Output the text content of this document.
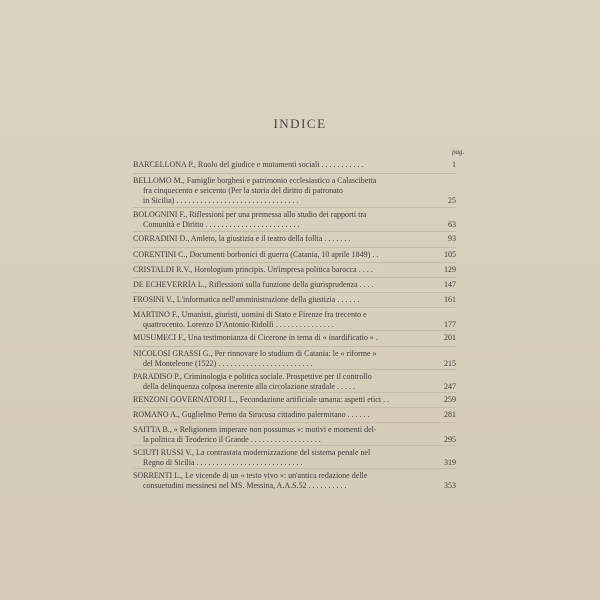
INDICE
pag.
BARCELLONA P., Ruolo del giudice e mutamenti sociali . . . . . . . . . . .	1
BELLOMO M., Famiglie borghesi e patrimonio ecclesiastico a Calascibetta
fra cinquecento e seicento (Per la storia del diritto di patronato
in Sicilia) . . . . . . . . . . . . . . . . . . . . . . . . . . . . . . .	25
BOLOGNINI F., Riflessioni per una premessa allo studio dei rapporti tra
Comunità e Diritto . . . . . . . . . . . . . . . . . . . . . . . .	63
CORRADINI D., Amleto, la giustizia e il teatro della follia . . . . . . .	93
CORENTINI C., Documenti borbonici di guerra (Catania, 10 aprile 1849) . .	105
CRISTALDI R.V., Horologium principis. Un'impresa politica barocca . . . .	129
DE ECHEVERRÍA L., Riflessioni sulla funzione della giurisprudenza . . . .	147
FROSINI V., L'informatica nell'amministrazione della giustizia . . . . . .	161
MARTINO F., Umanisti, giuristi, uomini di Stato e Firenze fra trecento e
quattrocento. Lorenzo D'Antonio Ridolfi . . . . . . . . . . . . . . .	177
MUSUMECI F., Una testimonianza di Cicerone in tema di « inardificatio » .	201
NICOLOSI GRASSI G., Per rinnovare lo studium di Catania: le « riforme »
del Monteleone (1522) . . . . . . . . . . . . . . . . . . . . . . . .	215
PARADISO P., Criminologia e politica sociale. Prospettive per il controllo
della delinquenza colposa inerente alla circolazione stradale . . . . .	247
RENZONI GOVERNATORI L., Fecondazione artificiale umana: aspetti etici . .	259
ROMANO A., Guglielmo Perno da Siracusa cittadino palermitano . . . . . .	281
SAITTA B., « Religionem imperare non possumus »: motivi e momenti del-
la politica di Teoderico il Grande . . . . . . . . . . . . . . . . . .	295
SCIUTI RUSSI V., La contrastata modernizzazione del sistema penale nel
Regno di Sicilia . . . . . . . . . . . . . . . . . . . . . . . . . . .	319
SORRENTI L., Le vicende di un « testo vivo »: un'antica redazione delle
consuetudini messinesi nel MS. Messina, A.A.S.52 . . . . . . . . . .	353
